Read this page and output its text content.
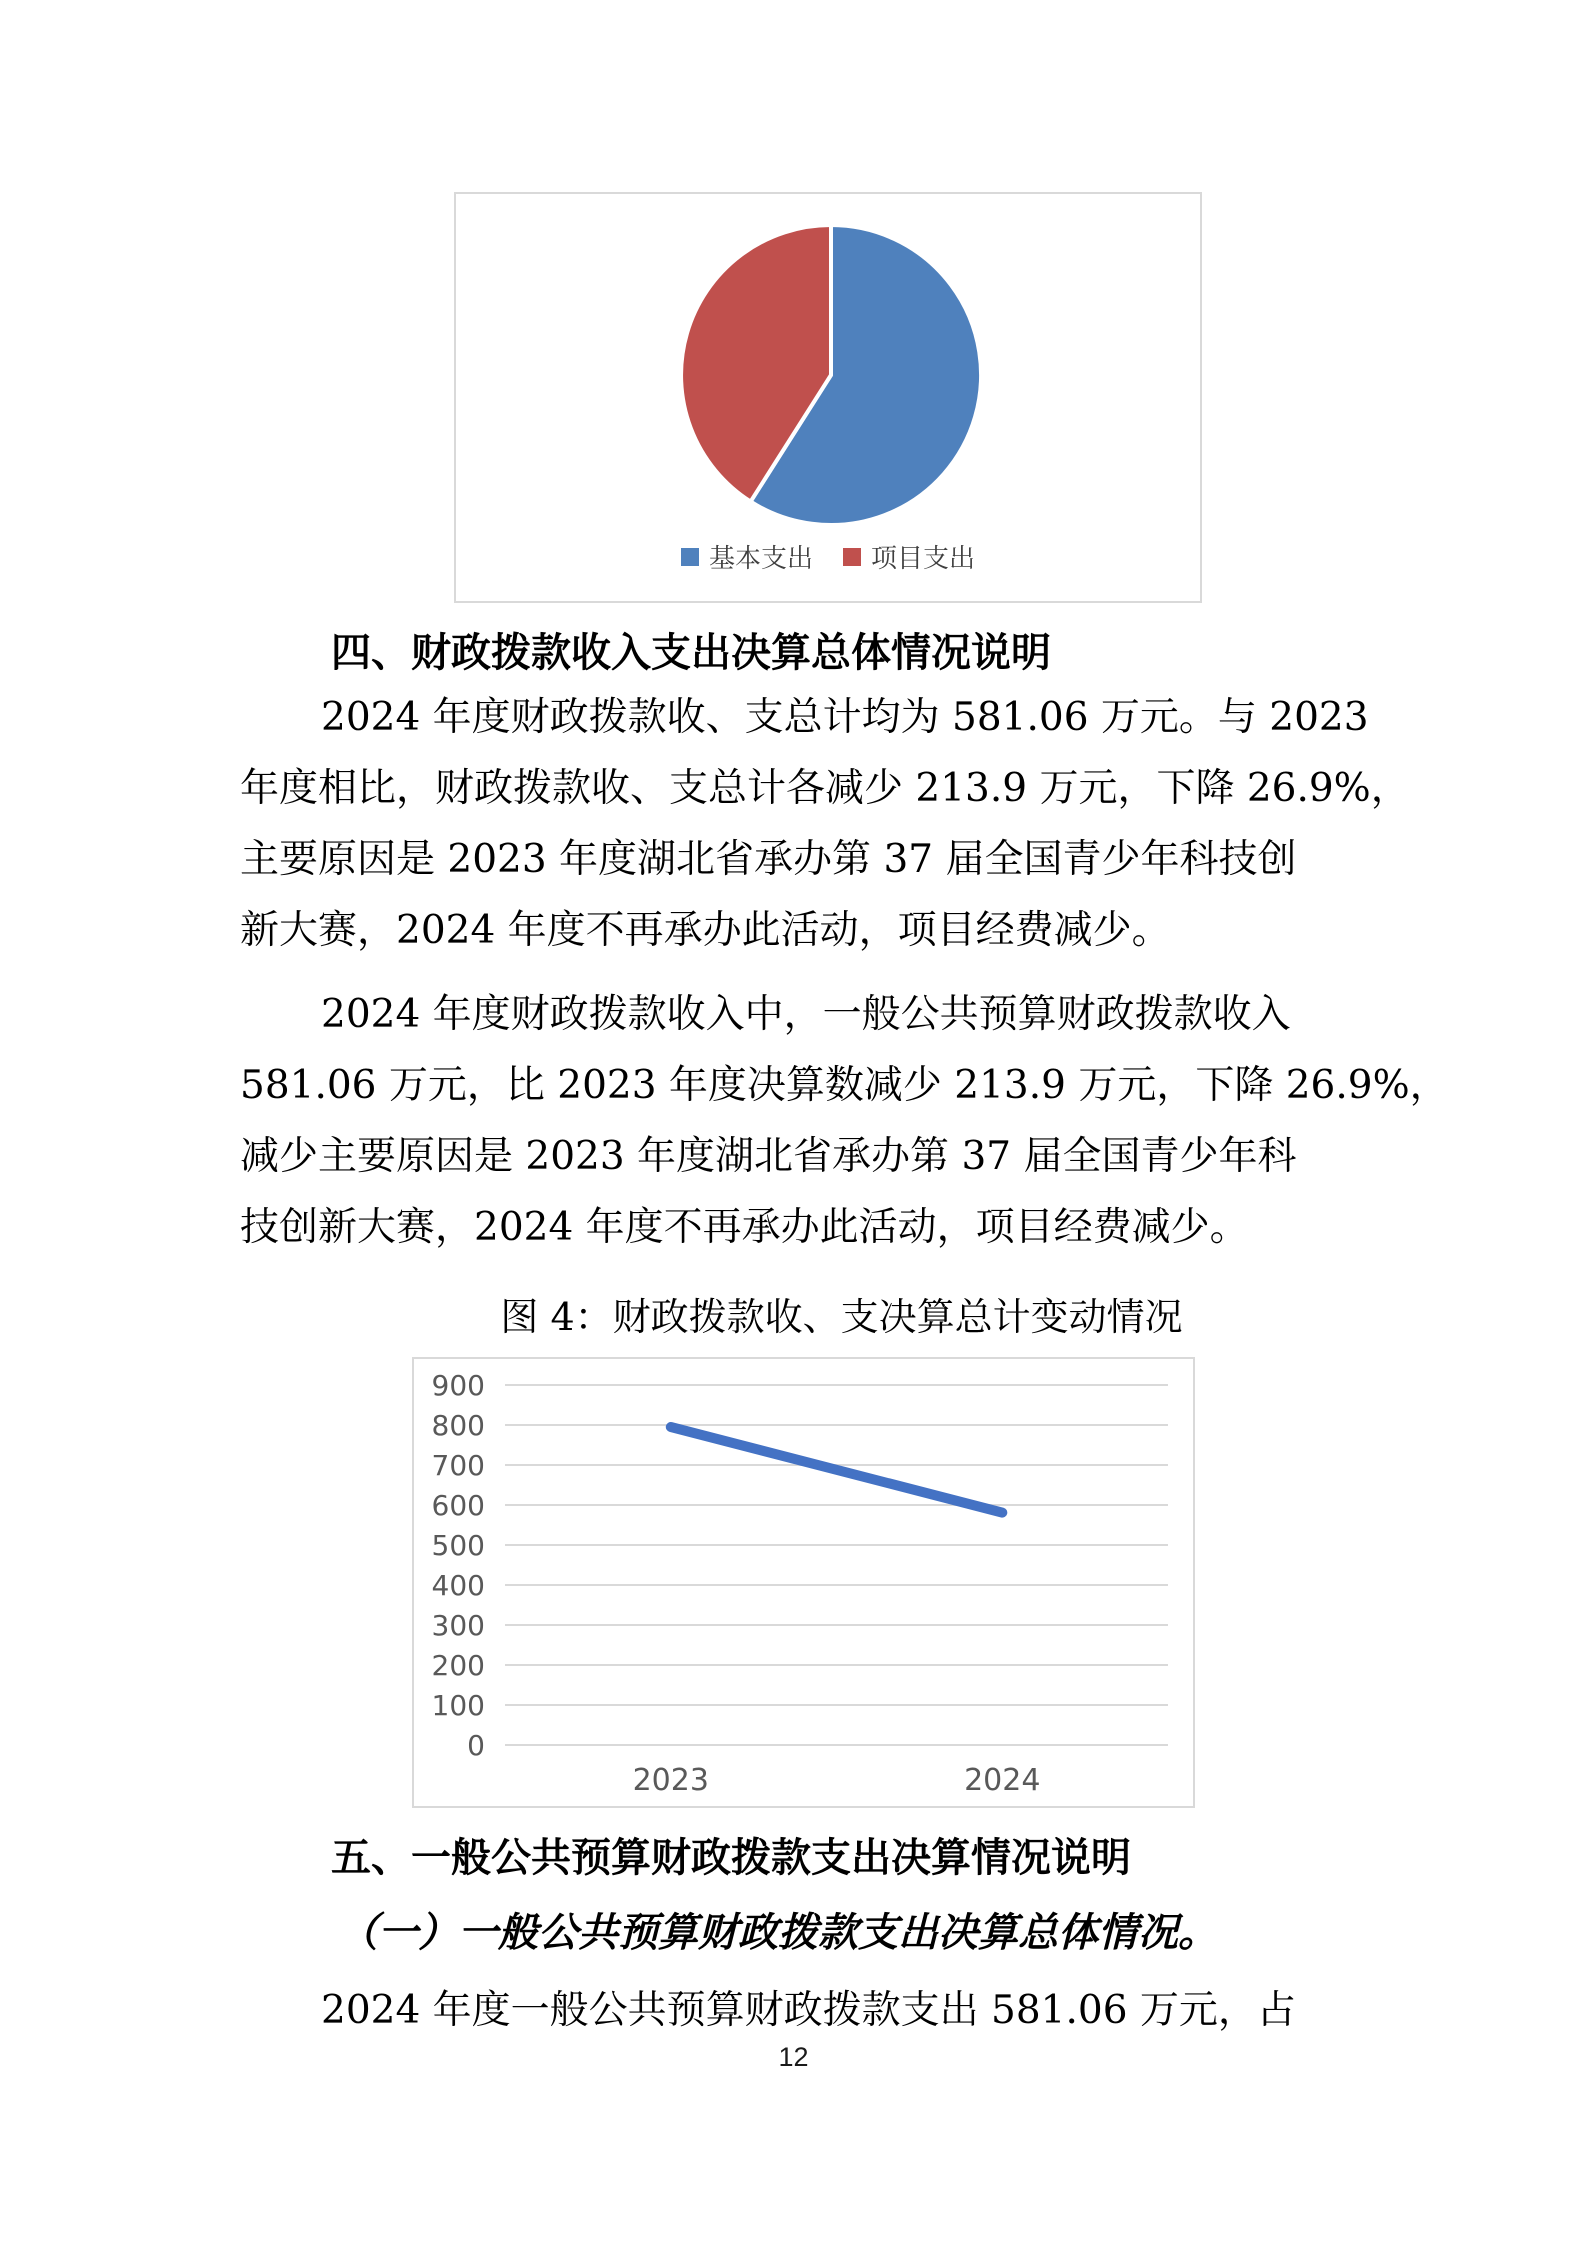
基本支出 项目支出
四、财政拨款收入支出决算总体情况说明
2024 年度财政拨款收、支总计均为 581.06 万元。与 2023
年度相比，财政拨款收、支总计各减少 213.9 万元，下降 26.9%，
主要原因是 2023 年度湖北省承办第 37 届全国青少年科技创
新大赛，2024 年度不再承办此活动，项目经费减少。
2024 年度财政拨款收入中，一般公共预算财政拨款收入
581.06 万元，比 2023 年度决算数减少 213.9 万元，下降 26.9%，
减少主要原因是 2023 年度湖北省承办第 37 届全国青少年科
技创新大赛，2024 年度不再承办此活动，项目经费减少。
图 4：财政拨款收、支决算总计变动情况
900
800
700
600
500
400
300
200
100
0
2023	2024
五、一般公共预算财政拨款支出决算情况说明
（一）一般公共预算财政拨款支出决算总体情况。
2024 年度一般公共预算财政拨款支出 581.06 万元，占
12
